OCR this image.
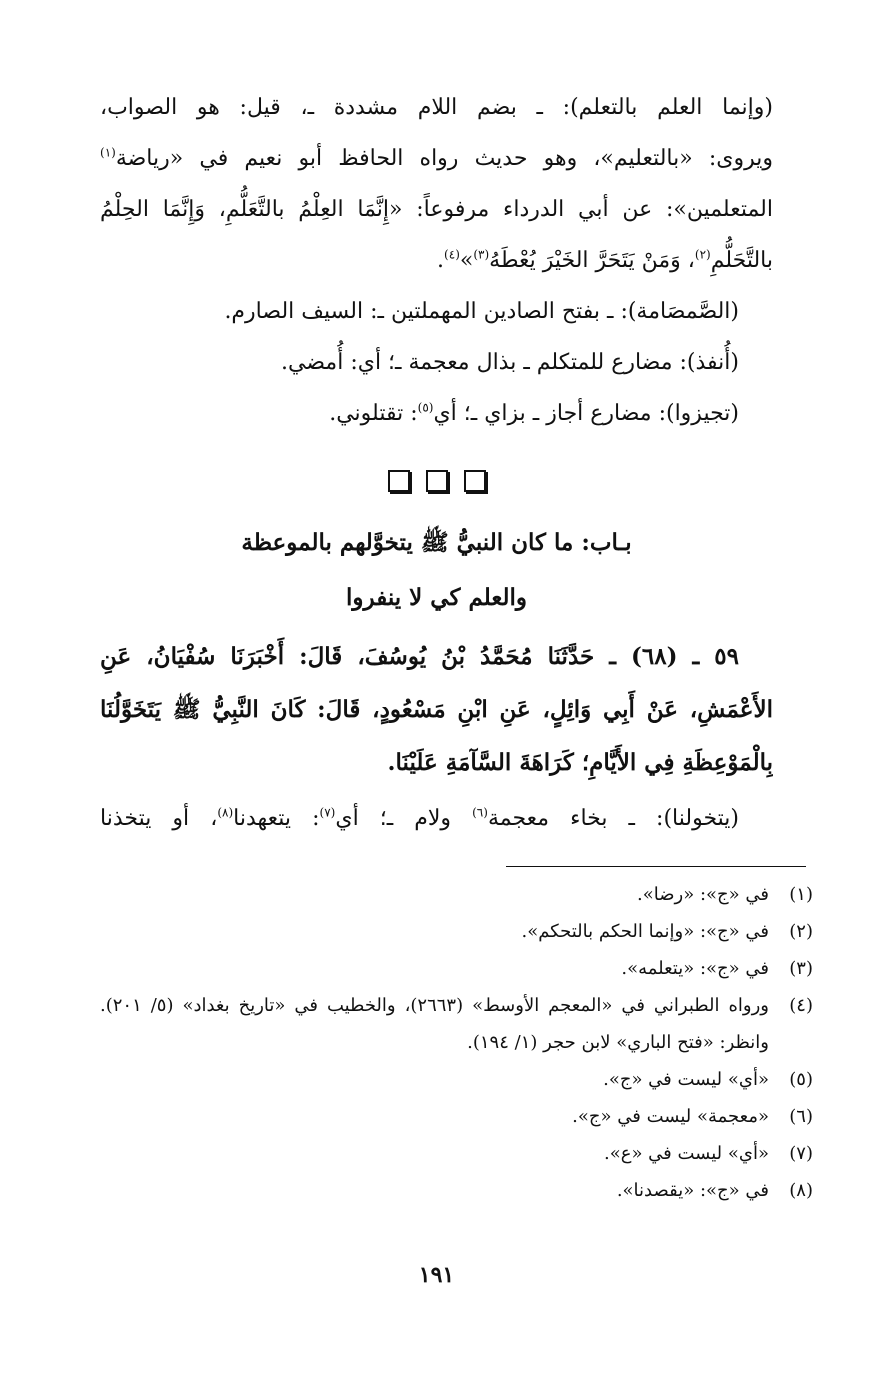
(وإنما العلم بالتعلم): ـ بضم اللام مشددة ـ، قيل: هو الصواب،
ويروى: «بالتعليم»، وهو حديث رواه الحافظ أبو نعيم في «رياضة$^{(١)}$
المتعلمين»: عن أبي الدرداء مرفوعاً: «إِنَّمَا العِلْمُ بالتَّعَلُّمِ، وَإِنَّمَا الحِلْمُ
بالتَّحَلُّمِ$^{(٢)}$، وَمَنْ يَتَحَرَّ الخَيْرَ يُعْطَهُ$^{(٣)}$»$^{(٤)}$.
(الصَّمصَامة): ـ بفتح الصادين المهملتين ـ: السيف الصارم.
(أُنفذ): مضارع للمتكلم ـ بذال معجمة ـ؛ أي: أُمضي.
(تجيزوا): مضارع أجاز ـ بزاي ـ؛ أي$^{(٥)}$: تقتلوني.
بـاب: ما كان النبيُّ ﷺ يتخوَّلهم بالموعظة
والعلم كي لا ينفروا
٥٩ ـ (٦٨) ـ حَدَّثَنَا مُحَمَّدُ بْنُ يُوسُفَ، قَالَ: أَخْبَرَنَا سُفْيَانُ، عَنِ
الأَعْمَشِ، عَنْ أَبِي وَائِلٍ، عَنِ ابْنِ مَسْعُودٍ، قَالَ: كَانَ النَّبِيُّ ﷺ يَتَخَوَّلُنَا
بِالْمَوْعِظَةِ فِي الأَيَّامِ؛ كَرَاهَةَ السَّآمَةِ عَلَيْنَا.
(يتخولنا): ـ بخاء معجمة$^{(٦)}$ ولام ـ؛ أي$^{(٧)}$: يتعهدنا$^{(٨)}$، أو يتخذنا
(١)
في «ج»: «رضا».
(٢)
في «ج»: «وإنما الحكم بالتحكم».
(٣)
في «ج»: «يتعلمه».
(٤)
ورواه الطبراني في «المعجم الأوسط» (٢٦٦٣)، والخطيب في «تاريخ بغداد» (٥/ ٢٠١). وانظر: «فتح الباري» لابن حجر (١/ ١٩٤).
(٥)
«أي» ليست في «ج».
(٦)
«معجمة» ليست في «ج».
(٧)
«أي» ليست في «ع».
(٨)
في «ج»: «يقصدنا».
١٩١
